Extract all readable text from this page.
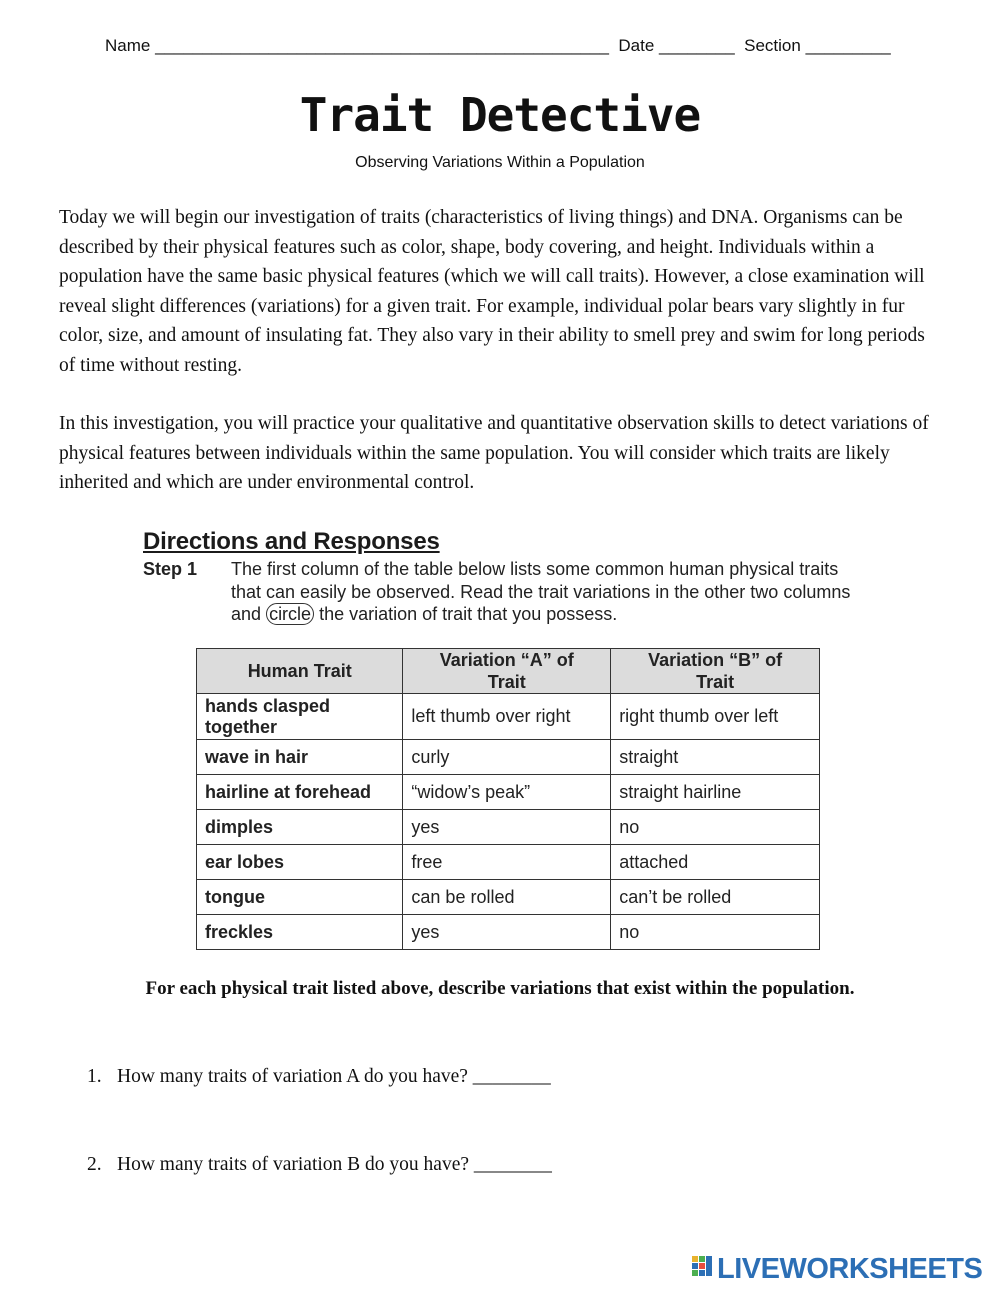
Name ________________________________________________ Date ________ Section _________
Trait Detective
Observing Variations Within a Population

Today we will begin our investigation of traits (characteristics of living things) and DNA. Organisms can be described by their physical features such as color, shape, body covering, and height. Individuals within a population have the same basic physical features (which we will call traits). However, a close examination will reveal slight differences (variations) for a given trait. For example, individual polar bears vary slightly in fur color, size, and amount of insulating fat. They also vary in their ability to smell prey and swim for long periods of time without resting.

In this investigation, you will practice your qualitative and quantitative observation skills to detect variations of physical features between individuals within the same population. You will consider which traits are likely inherited and which are under environmental control.

Directions and Responses
Step 1	The first column of the table below lists some common human physical traits that can easily be observed. Read the trait variations in the other two columns and circle the variation of trait that you possess.
Human Trait	Variation “A” of Trait	Variation “B” of Trait
hands clasped together	left thumb over right	right thumb over left
wave in hair	curly	straight
hairline at forehead	“widow’s peak”	straight hairline
dimples	yes	no
ear lobes	free	attached
tongue	can be rolled	can’t be rolled
freckles	yes	no
For each physical trait listed above, describe variations that exist within the population.
1. How many traits of variation A do you have? ________
2. How many traits of variation B do you have? ________
LIVEWORKSHEETS
